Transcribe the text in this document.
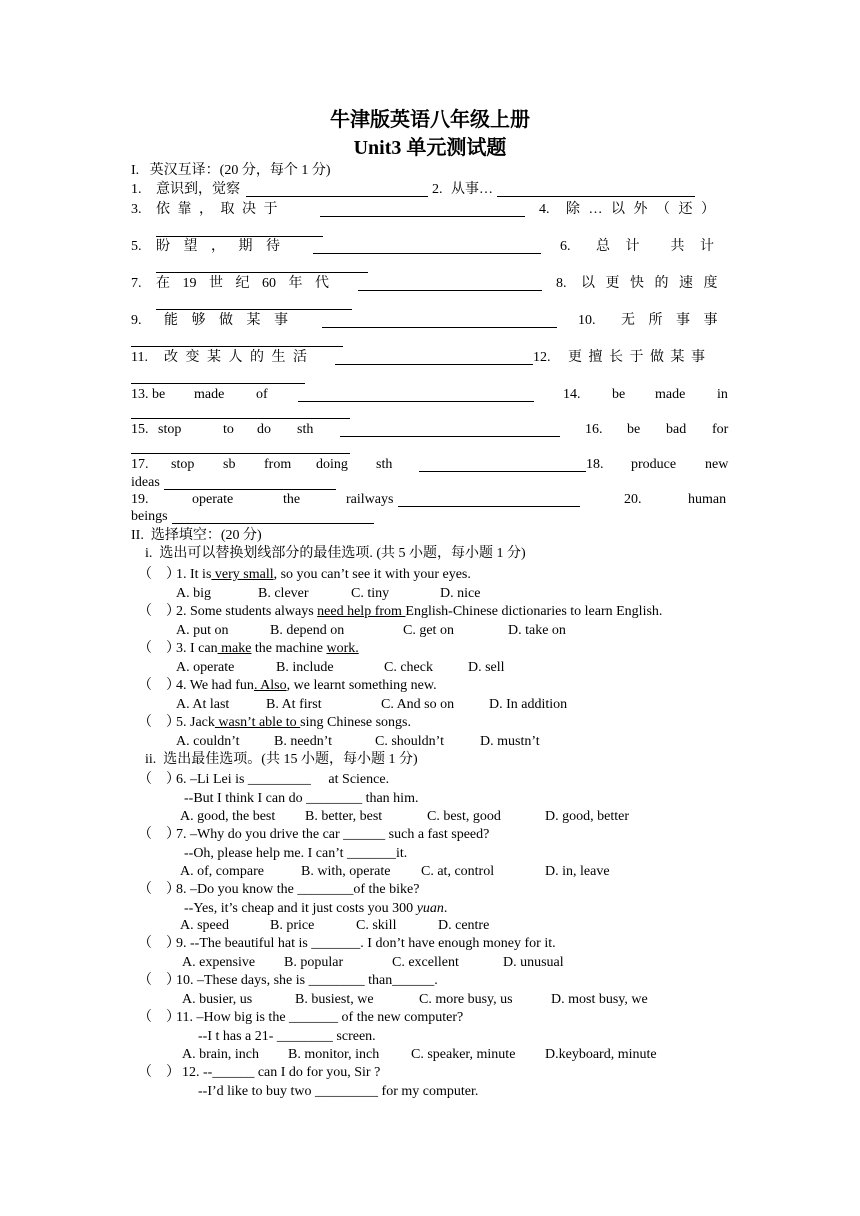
牛津版英语八年级上册
Unit3 单元测试题
I.   英汉互译：(20 分，每个 1 分)
1. 意识到，觉察	2. 从事…
3. 依 靠 ， 取 决 于	4. 除 … 以 外 （ 还 ）
5. 盼 望 ， 期 待	6. 总 计  共 计
7. 在 19 世 纪 60 年 代	8. 以 更 快 的 速 度
9. 能 够 做 某 事	10. 无 所 事 事
11. 改 变 某 人 的 生 活	12. 更 擅 长 于 做 某 事
13. be made of	14. be made in
15. stop	to do sth	16. be bad for
17. stop sb from doing sth	18. produce new
ideas
19.	operate	the	railways	20.	human
beings
II.  选择填空：(20 分)
i.  选出可以替换划线部分的最佳选项. (共 5 小题，每小题 1 分)
（    ）
1. It is very small, so you can’t see it with your eyes.
A. big	B. clever	C. tiny	D. nice
（    ）
2. Some students always need help from English-Chinese dictionaries to learn English.
A. put on	B. depend on	C. get on	D. take on
（    ）
3. I can make the machine work.
A. operate	B. include	C. check	D. sell
（    ）
4. We had fun. Also, we learnt something new.
A. At last	B. At first	C. And so on D. In addition
（    ）
5. Jack wasn’t able to sing Chinese songs.
A. couldn’t B. needn’t	C. shouldn’t	D. mustn’t
ii.  选出最佳选项。(共 15 小题，每小题 1 分)
（    ）
6. –Li Lei is _________     at Science.
--But I think I can do ________ than him.
A. good, the best B. better, best	C. best, good	D. good, better
（    ）
7. –Why do you drive the car ______ such a fast speed?
--Oh, please help me. I can’t _______it.
A. of, compare	B. with, operate C. at, control	D. in, leave
（    ）
8. –Do you know the ________of the bike?
--Yes, it’s cheap and it just costs you 300 yuan.
A. speed	B. price	C. skill	D. centre
（    ）
9. --The beautiful hat is _______. I don’t have enough money for it.
A. expensive B. popular	C. excellent	D. unusual
（    ）
10. –These days, she is ________ than______.
A. busier, us	B. busiest, we	C. more busy, us	D. most busy, we
（    ）
11. –How big is the _______ of the new computer?
--I t has a 21- ________ screen.
A. brain, inch B. monitor, inch C. speaker, minute D.keyboard, minute
（    ） 12. --______ can I do for you, Sir ?
--I’d like to buy two _________ for my computer.
